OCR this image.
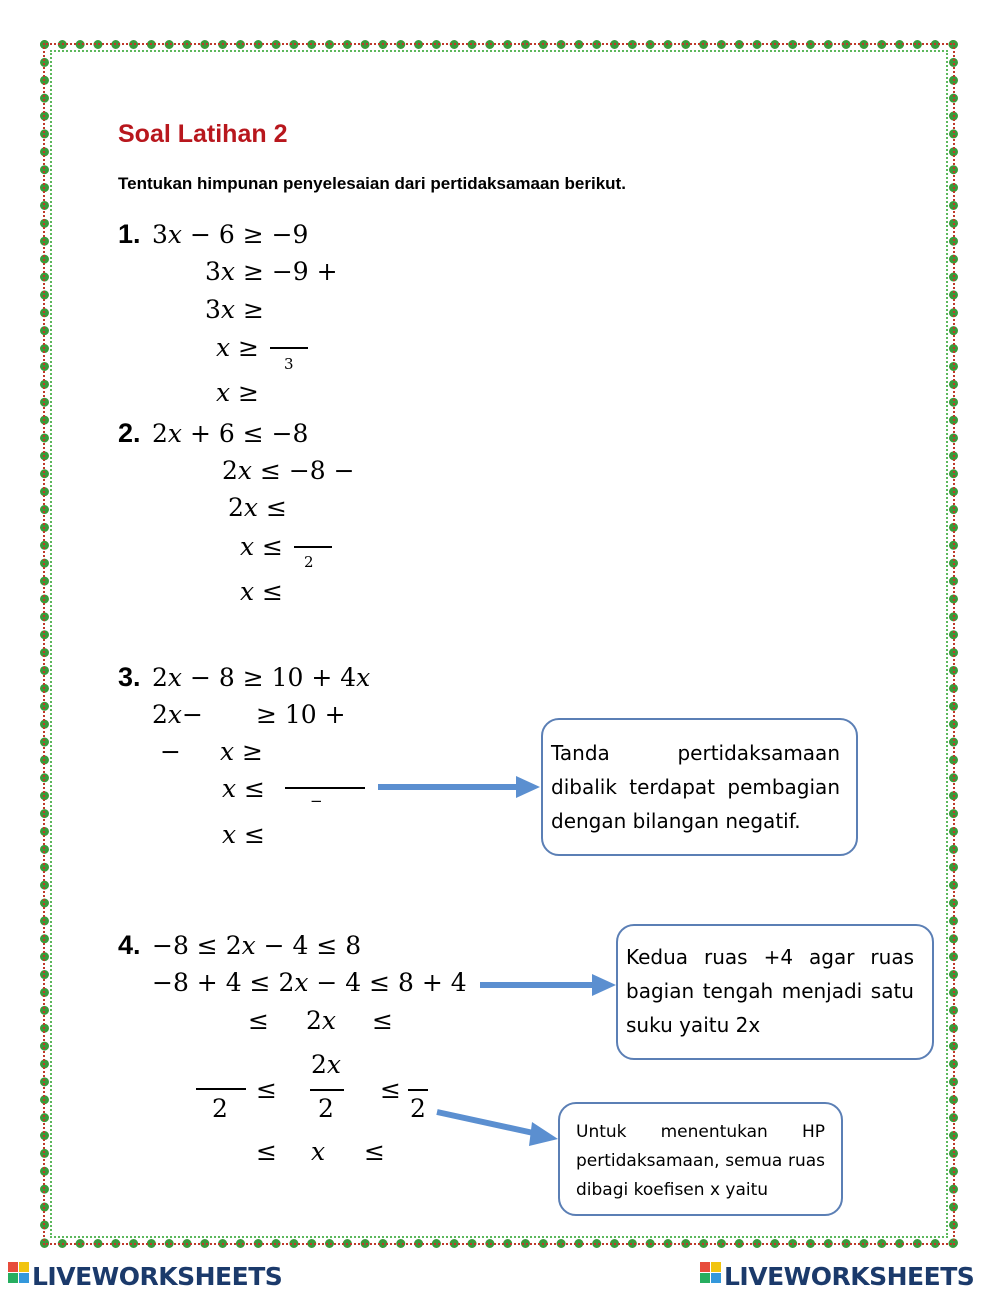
Soal Latihan 2
Tentukan himpunan penyelesaian dari pertidaksamaan berikut.
1. 3𝑥 − 6 ≥ −9
3𝑥 ≥ −9 +
3𝑥 ≥
𝑥 ≥
3
𝑥 ≥
2. 2𝑥 + 6 ≤ −8
2𝑥 ≤ −8 −
2𝑥 ≤
𝑥 ≤
2
𝑥 ≤
3. 2𝑥 − 8 ≥ 10 + 4𝑥
2𝑥− ≥ 10 +
− 𝑥 ≥
𝑥 ≤	−
𝑥 ≤
4. −8 ≤ 2𝑥 − 4 ≤ 8
−8 + 4 ≤ 2𝑥 − 4 ≤ 8 + 4
≤ 2𝑥 ≤
2
≤
2𝑥
2
≤
2
≤ 𝑥 ≤
Tanda pertidaksamaan dibalik terdapat pembagian dengan bilangan negatif.
Kedua ruas +4 agar ruas bagian tengah menjadi satu suku yaitu 2x
Untuk menentukan HP pertidaksamaan, semua ruas dibagi koefisen x yaitu
LIVEWORKSHEETS	LIVEWORKSHEETS
